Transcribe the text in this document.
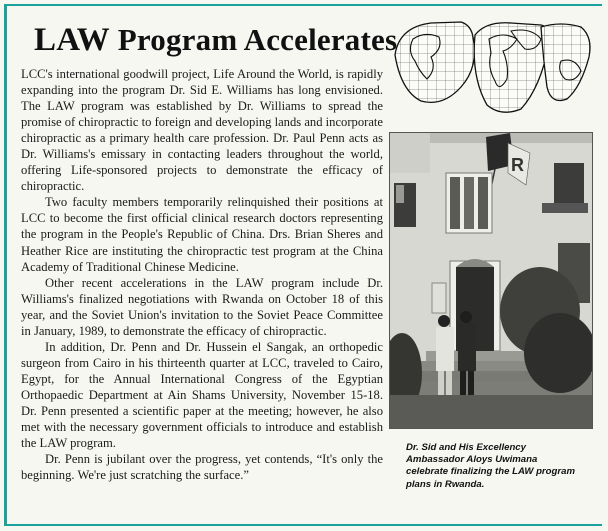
LAW Program Accelerates

LCC's international goodwill project, Life Around the World, is rapidly expanding into the program Dr. Sid E. Williams has long envisioned. The LAW program was established by Dr. Williams to spread the promise of chiropractic to foreign and developing lands and incorporate chiropractic as a primary health care profession. Dr. Paul Penn acts as Dr. Williams's emissary in contacting leaders throughout the world, offering Life-sponsored projects to demonstrate the efficacy of chiropractic.

Two faculty members temporarily relinquished their positions at LCC to become the first official clinical research doctors representing the program in the People's Republic of China. Drs. Brian Sheres and Heather Rice are instituting the chiropractic test program at the China Academy of Traditional Chinese Medicine.

Other recent accelerations in the LAW program include Dr. Williams's finalized negotiations with Rwanda on October 18 of this year, and the Soviet Union's invitation to the Soviet Peace Committee in January, 1989, to demonstrate the efficacy of chiropractic.

In addition, Dr. Penn and Dr. Hussein el Sangak, an orthopedic surgeon from Cairo in his thirteenth quarter at LCC, traveled to Cairo, Egypt, for the Annual International Congress of the Egyptian Orthopaedic Department at Ain Shams University, November 15-18. Dr. Penn presented a scientific paper at the meeting; however, he also met with the necessary government officials to introduce and establish the LAW program.

Dr. Penn is jubilant over the progress, yet contends, “It's only the beginning. We're just scratching the surface.”

R
Dr. Sid and His Excellency Ambassador Aloys Uwimana celebrate finalizing the LAW program plans in Rwanda.
